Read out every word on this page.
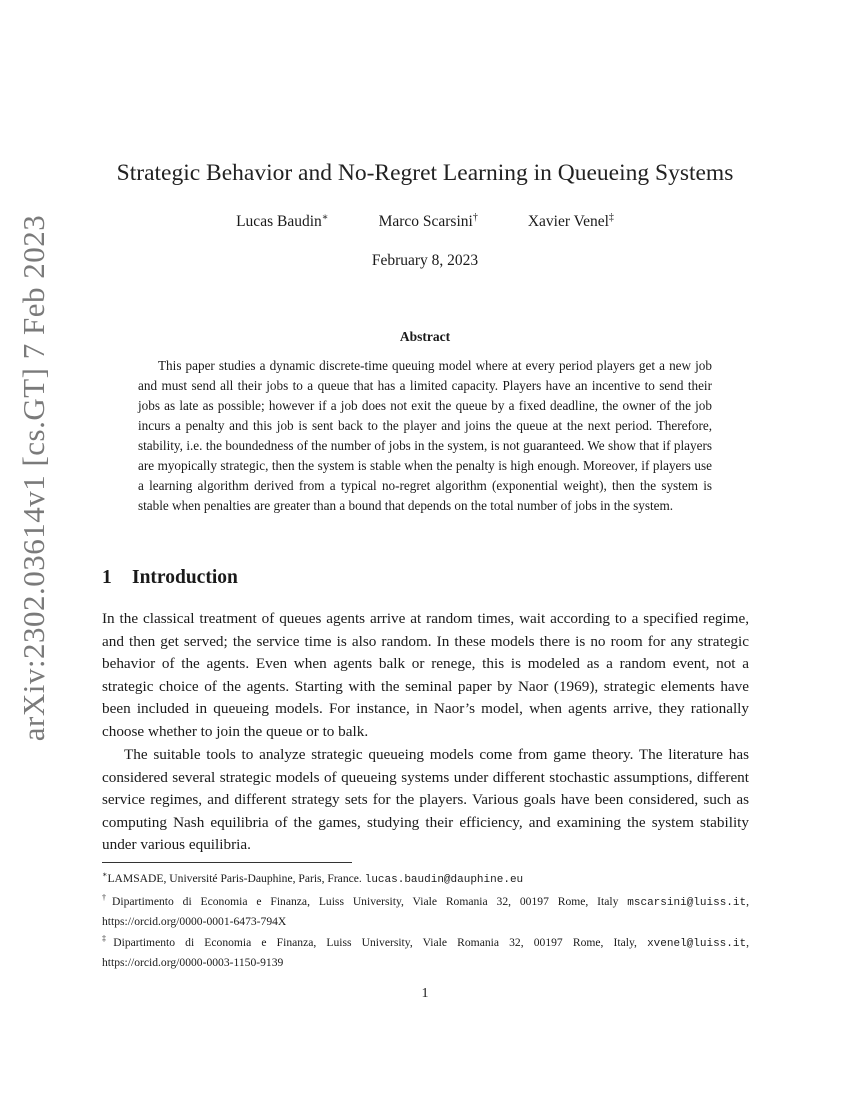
arXiv:2302.03614v1 [cs.GT] 7 Feb 2023
Strategic Behavior and No-Regret Learning in Queueing Systems
Lucas Baudin∗	Marco Scarsini†	Xavier Venel‡
February 8, 2023
Abstract

This paper studies a dynamic discrete-time queuing model where at every period players get a new job and must send all their jobs to a queue that has a limited capacity. Players have an incentive to send their jobs as late as possible; however if a job does not exit the queue by a fixed deadline, the owner of the job incurs a penalty and this job is sent back to the player and joins the queue at the next period. Therefore, stability, i.e. the boundedness of the number of jobs in the system, is not guaranteed. We show that if players are myopically strategic, then the system is stable when the penalty is high enough. Moreover, if players use a learning algorithm derived from a typical no-regret algorithm (exponential weight), then the system is stable when penalties are greater than a bound that depends on the total number of jobs in the system.

1 Introduction

In the classical treatment of queues agents arrive at random times, wait according to a specified regime, and then get served; the service time is also random. In these models there is no room for any strategic behavior of the agents. Even when agents balk or renege, this is modeled as a random event, not a strategic choice of the agents. Starting with the seminal paper by Naor (1969), strategic elements have been included in queueing models. For instance, in Naor’s model, when agents arrive, they rationally choose whether to join the queue or to balk.

The suitable tools to analyze strategic queueing models come from game theory. The literature has considered several strategic models of queueing systems under different stochastic assumptions, different service regimes, and different strategy sets for the players. Various goals have been considered, such as computing Nash equilibria of the games, studying their efficiency, and examining the system stability under various equilibria.

∗LAMSADE, Université Paris-Dauphine, Paris, France. lucas.baudin@dauphine.eu

†Dipartimento di Economia e Finanza, Luiss University, Viale Romania 32, 00197 Rome, Italy mscarsini@luiss.it, https://orcid.org/0000-0001-6473-794X

‡Dipartimento di Economia e Finanza, Luiss University, Viale Romania 32, 00197 Rome, Italy, xvenel@luiss.it, https://orcid.org/0000-0003-1150-9139

1
